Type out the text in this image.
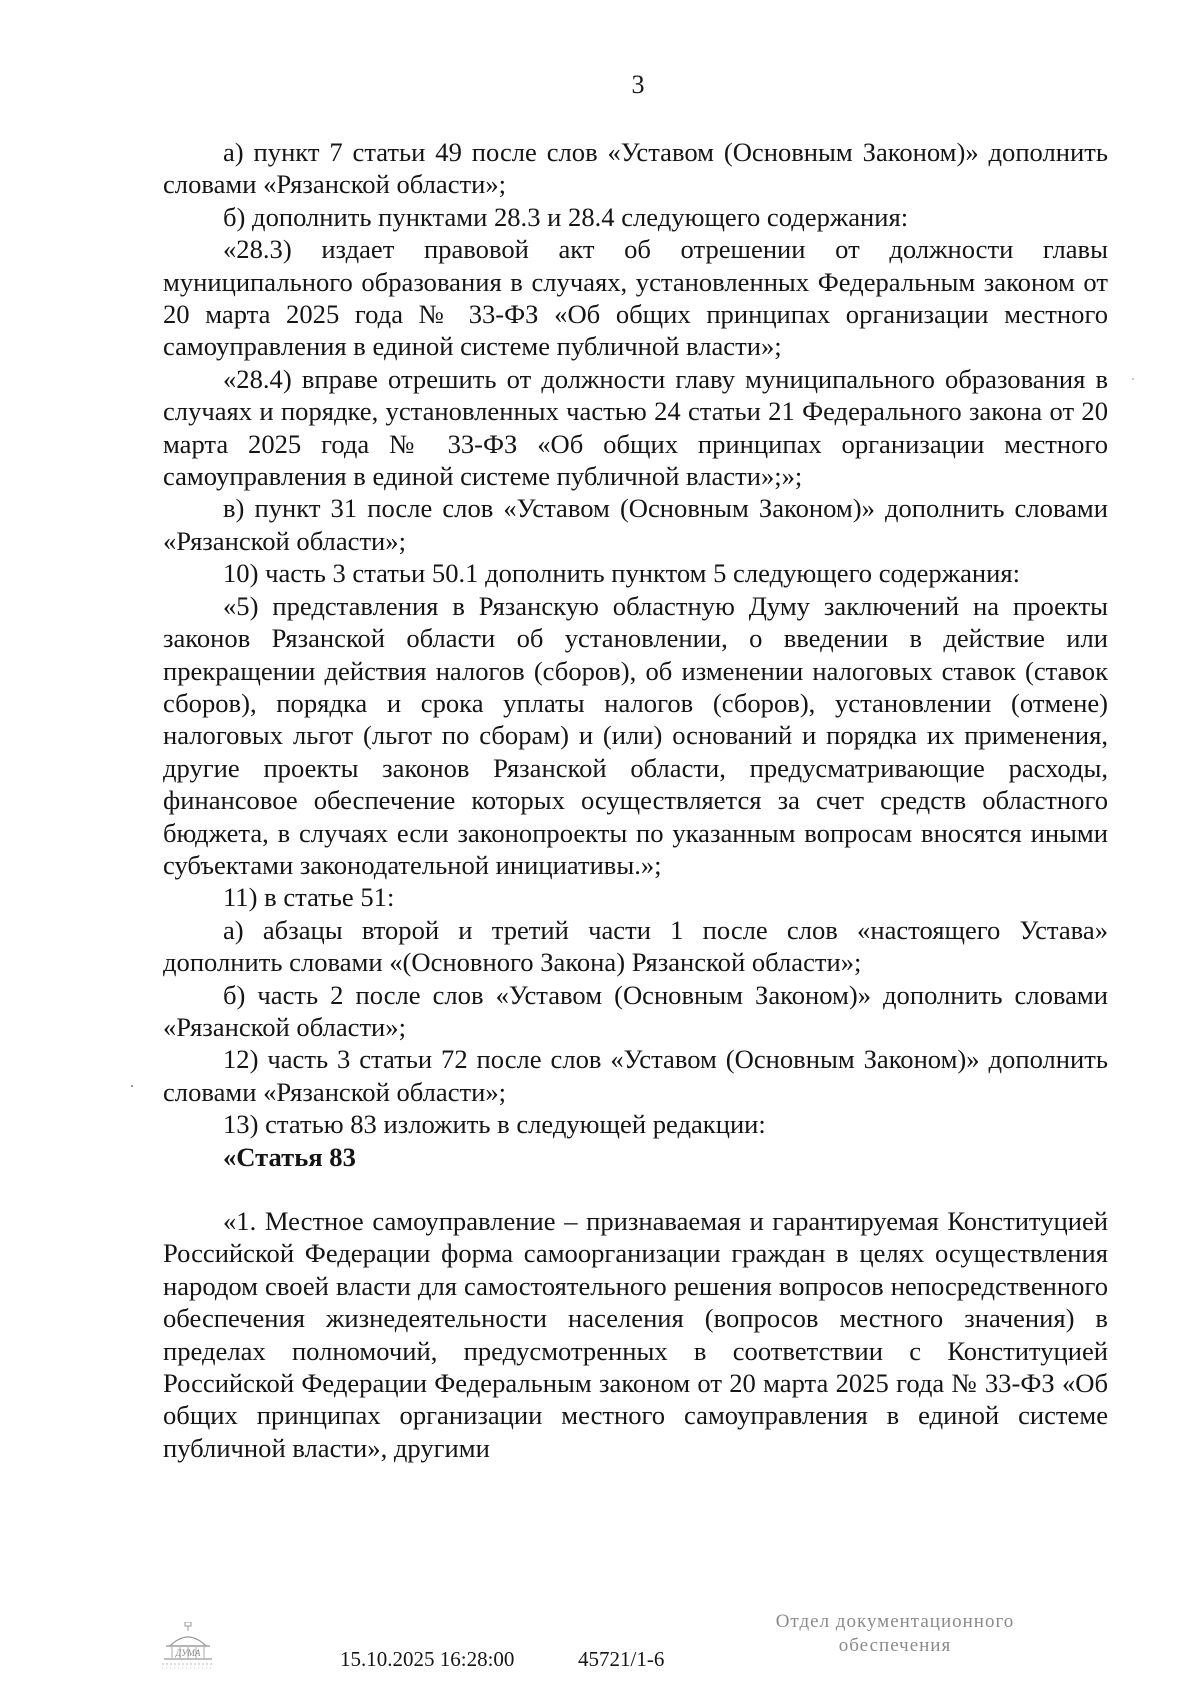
3

а) пункт 7 статьи 49 после слов «Уставом (Основным Законом)» дополнить словами «Рязанской области»;

б) дополнить пунктами 28.3 и 28.4 следующего содержания:

«28.3) издает правовой акт об отрешении от должности главы муниципального образования в случаях, установленных Федеральным законом от 20 марта 2025 года № 33-ФЗ «Об общих принципах организации местного самоуправления в единой системе публичной власти»;

«28.4) вправе отрешить от должности главу муниципального образования в случаях и порядке, установленных частью 24 статьи 21 Федерального закона от 20 марта 2025 года № 33-ФЗ «Об общих принципах организации местного самоуправления в единой системе публичной власти»;»;

в) пункт 31 после слов «Уставом (Основным Законом)» дополнить словами «Рязанской области»;

10) часть 3 статьи 50.1 дополнить пунктом 5 следующего содержания:

«5) представления в Рязанскую областную Думу заключений на проекты законов Рязанской области об установлении, о введении в действие или прекращении действия налогов (сборов), об изменении налоговых ставок (ставок сборов), порядка и срока уплаты налогов (сборов), установлении (отмене) налоговых льгот (льгот по сборам) и (или) оснований и порядка их применения, другие проекты законов Рязанской области, предусматривающие расходы, финансовое обеспечение которых осуществляется за счет средств областного бюджета, в случаях если законопроекты по указанным вопросам вносятся иными субъектами законодательной инициативы.»;

11) в статье 51:

а) абзацы второй и третий части 1 после слов «настоящего Устава» дополнить словами «(Основного Закона) Рязанской области»;

б) часть 2 после слов «Уставом (Основным Законом)» дополнить словами «Рязанской области»;

12) часть 3 статьи 72 после слов «Уставом (Основным Законом)» дополнить словами «Рязанской области»;

13) статью 83 изложить в следующей редакции:

«Статья 83

«1. Местное самоуправление – признаваемая и гарантируемая Конституцией Российской Федерации форма самоорганизации граждан в целях осуществления народом своей власти для самостоятельного решения вопросов непосредственного обеспечения жизнедеятельности населения (вопросов местного значения) в пределах полномочий, предусмотренных в соответствии с Конституцией Российской Федерации Федеральным законом от 20 марта 2025 года № 33-ФЗ «Об общих принципах организации местного самоуправления в единой системе публичной власти», другими

ДУМА	15.10.2025 16:28:00	45721/1-6
Отдел документационного
обеспечения
